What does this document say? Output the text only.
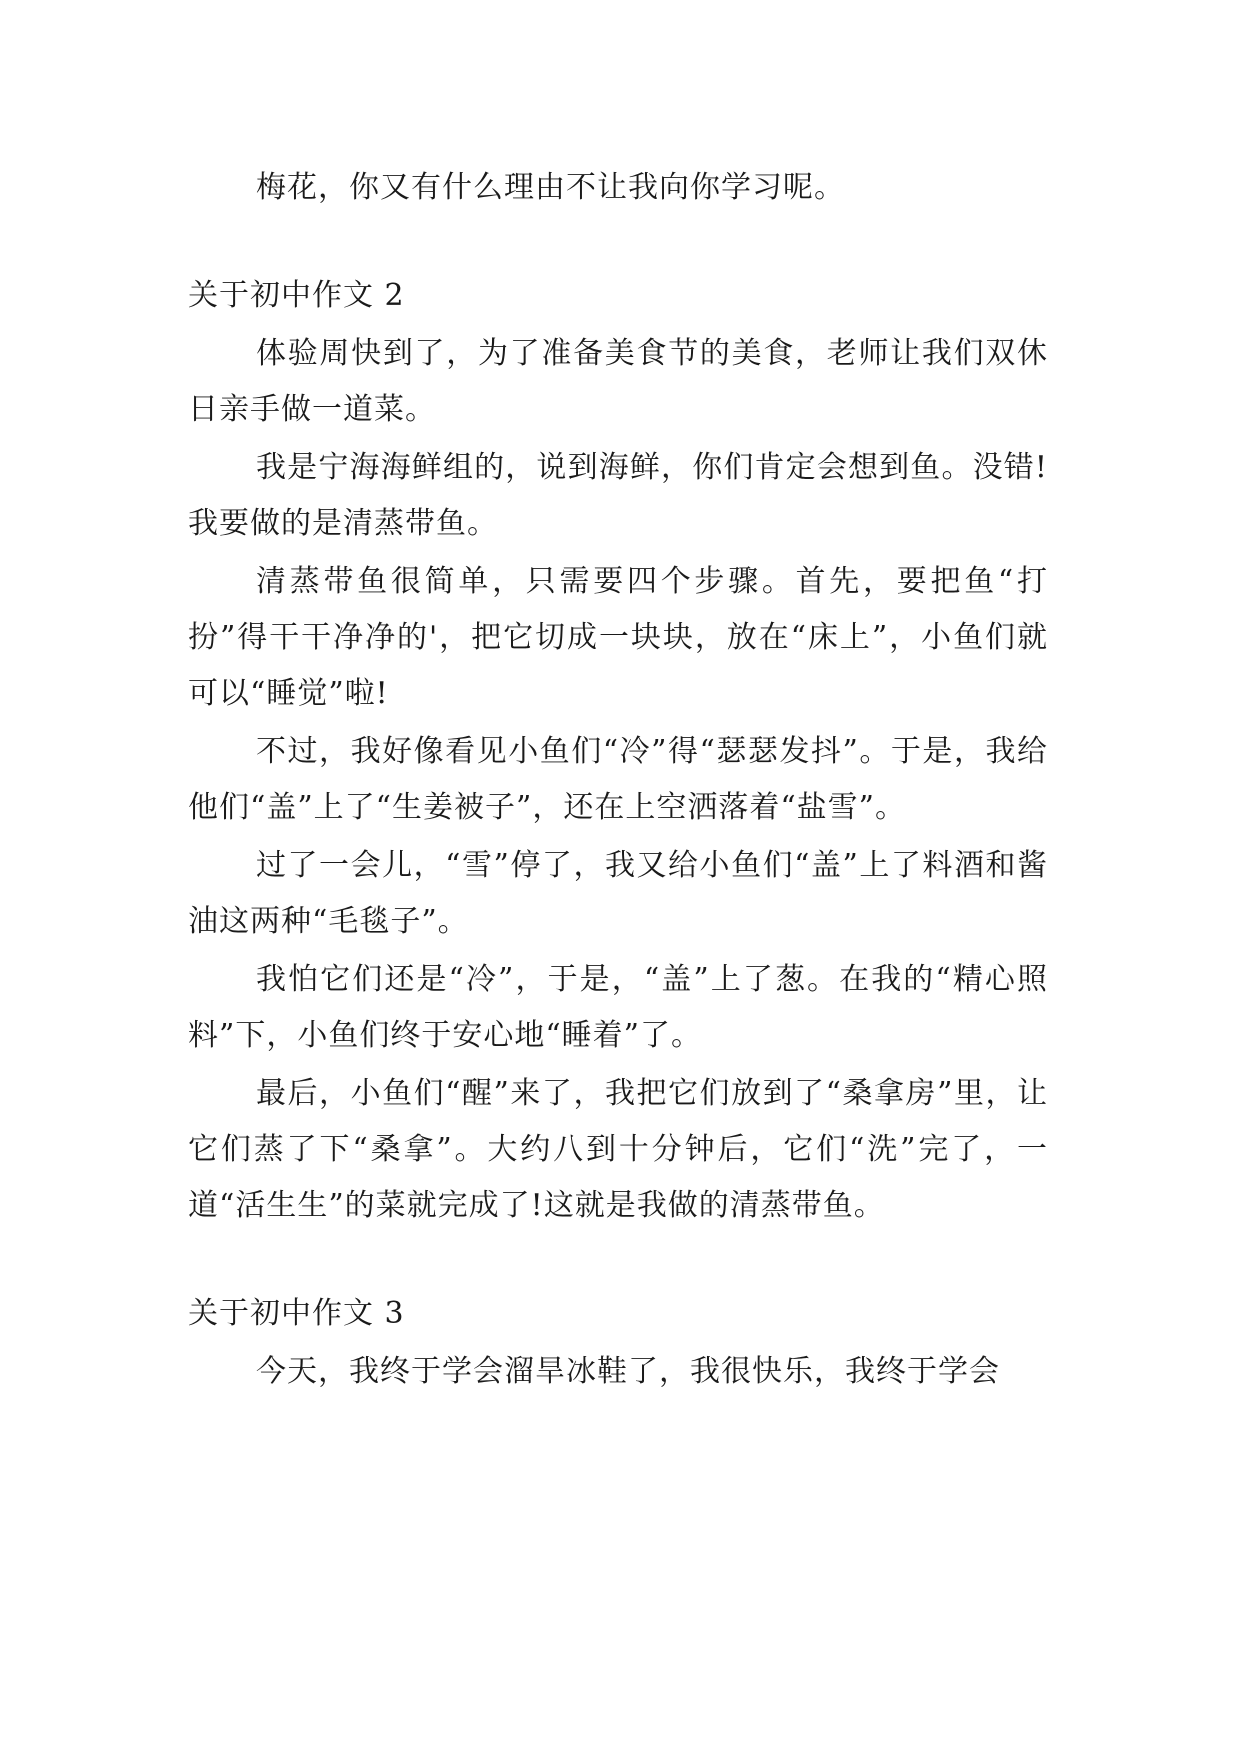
梅花，你又有什么理由不让我向你学习呢。

关于初中作文 2

体验周快到了，为了准备美食节的美食，老师让我们双休日亲手做一道菜。

我是宁海海鲜组的，说到海鲜，你们肯定会想到鱼。没错!我要做的是清蒸带鱼。

清蒸带鱼很简单，只需要四个步骤。首先，要把鱼“打扮”得干干净净的'，把它切成一块块，放在“床上”，小鱼们就可以“睡觉”啦!

不过，我好像看见小鱼们“冷”得“瑟瑟发抖”。于是，我给他们“盖”上了“生姜被子”，还在上空洒落着“盐雪”。

过了一会儿，“雪”停了，我又给小鱼们“盖”上了料酒和酱油这两种“毛毯子”。

我怕它们还是“冷”，于是，“盖”上了葱。在我的“精心照料”下，小鱼们终于安心地“睡着”了。

最后，小鱼们“醒”来了，我把它们放到了“桑拿房”里，让它们蒸了下“桑拿”。大约八到十分钟后，它们“洗”完了，一道“活生生”的菜就完成了!这就是我做的清蒸带鱼。

关于初中作文 3

今天，我终于学会溜旱冰鞋了，我很快乐，我终于学会
